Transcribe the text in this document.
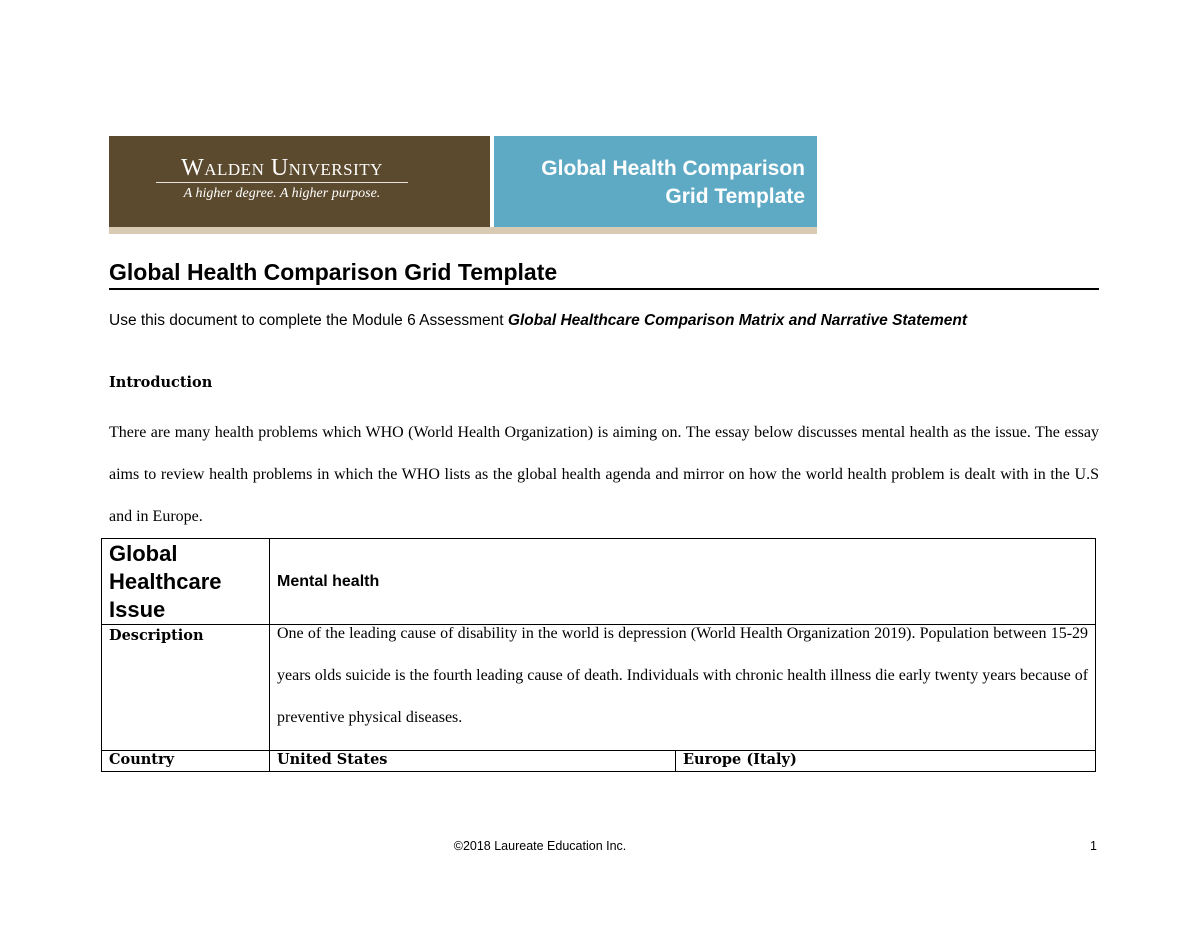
Walden University
A higher degree. A higher purpose.
Global Health Comparison
Grid Template
Global Health Comparison Grid Template
Use this document to complete the Module 6 Assessment Global Healthcare Comparison Matrix and Narrative Statement
Introduction
There are many health problems which WHO (World Health Organization) is aiming on. The essay below discusses mental health as the issue. The essay aims to review health problems in which the WHO lists as the global health agenda and mirror on how the world health problem is dealt with in the U.S and in Europe.
Global Healthcare Issue	Mental health	

Description	One of the leading cause of disability in the world is depression (World Health Organization 2019). Population between 15-29 years olds suicide is the fourth leading cause of death. Individuals with chronic health illness die early twenty years because of preventive physical diseases.	

Country	United States	Europe (Italy)
©2018 Laureate Education Inc.	1
